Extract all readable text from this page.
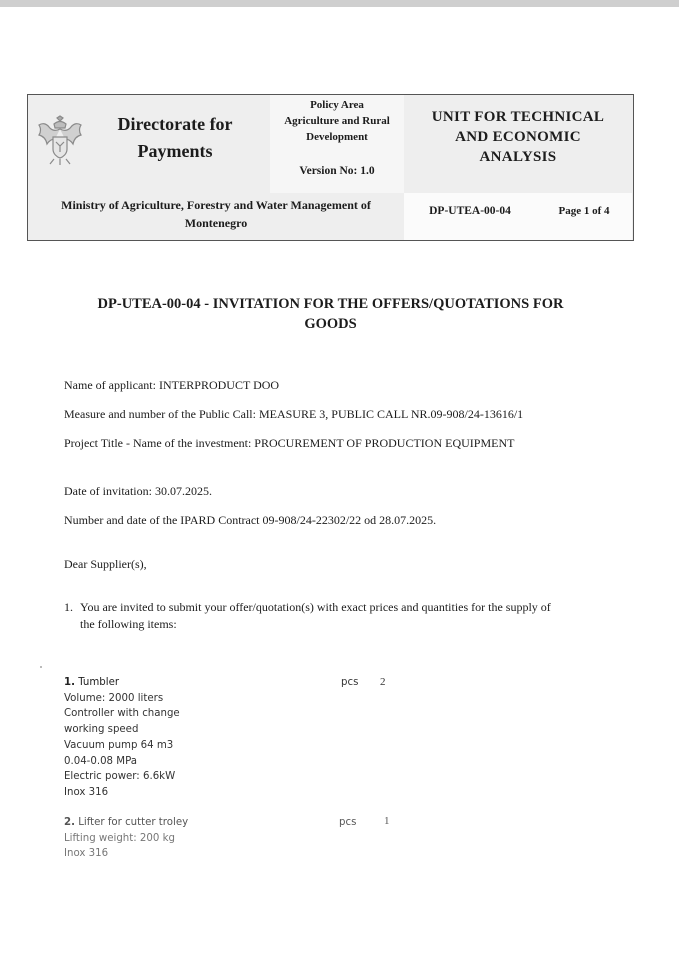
Directorate for
Payments
Policy Area
Agriculture and Rural
Development
Version No: 1.0
UNIT FOR TECHNICAL
AND ECONOMIC
ANALYSIS
Ministry of Agriculture, Forestry and Water Management of
Montenegro
DP-UTEA-00-04	Page 1 of 4
DP-UTEA-00-04 - INVITATION FOR THE OFFERS/QUOTATIONS FOR
GOODS
Name of applicant: INTERPRODUCT DOO
Measure and number of the Public Call: MEASURE 3, PUBLIC CALL NR.09-908/24-13616/1
Project Title - Name of the investment: PROCUREMENT OF PRODUCTION EQUIPMENT
Date of invitation: 30.07.2025.
Number and date of the IPARD Contract 09-908/24-22302/22 od 28.07.2025.
Dear Supplier(s),
1. You are invited to submit your offer/quotation(s) with exact prices and quantities for the supply of
the following items:
1. Tumbler
Volume: 2000 liters
Controller with change
working speed
Vacuum pump 64 m3
0.04-0.08 MPa
Electric power: 6.6kW
Inox 316
pcs 2
2. Lifter for cutter troley
Lifting weight: 200 kg
Inox 316
pcs	1
